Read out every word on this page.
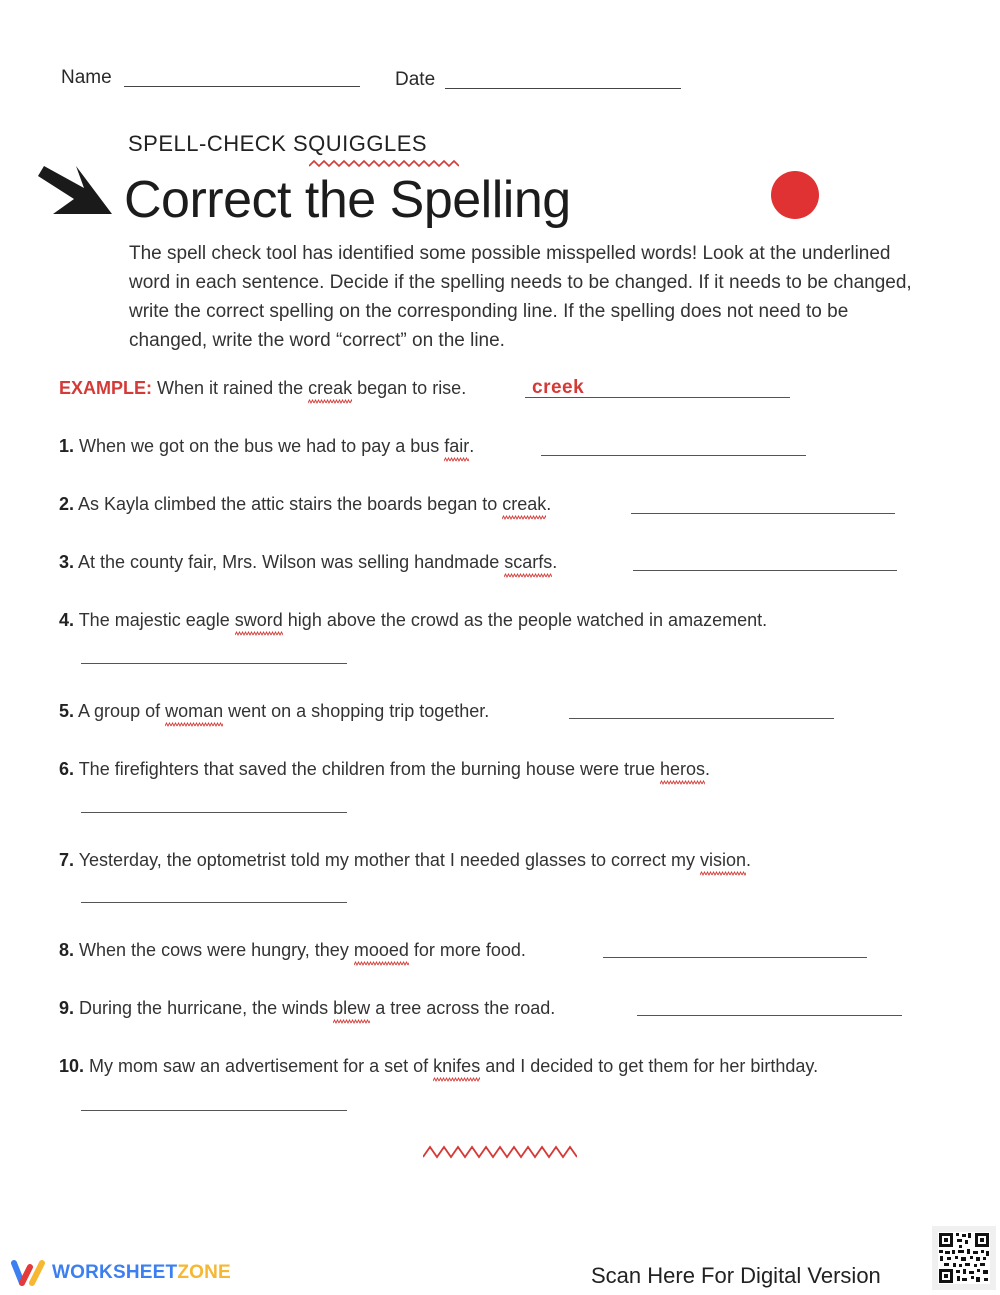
Name	Date
SPELL-CHECK SQUIGGLES
Correct the Spelling
The spell check tool has identified some possible misspelled words! Look at the underlined word in each sentence. Decide if the spelling needs to be changed. If it needs to be changed, write the correct spelling on the corresponding line. If the spelling does not need to be changed, write the word “correct” on the line.
EXAMPLE: When it rained the creak began to rise.	creek
1. When we got on the bus we had to pay a bus fair.
2. As Kayla climbed the attic stairs the boards began to creak.
3. At the county fair, Mrs. Wilson was selling handmade scarfs.
4. The majestic eagle sword high above the crowd as the people watched in amazement.
5. A group of woman went on a shopping trip together.
6. The firefighters that saved the children from the burning house were true heros.
7. Yesterday, the optometrist told my mother that I needed glasses to correct my vision.
8. When the cows were hungry, they mooed for more food.
9. During the hurricane, the winds blew a tree across the road.
10. My mom saw an advertisement for a set of knifes and I decided to get them for her birthday.
WORKSHEETZONE	Scan Here For Digital Version
